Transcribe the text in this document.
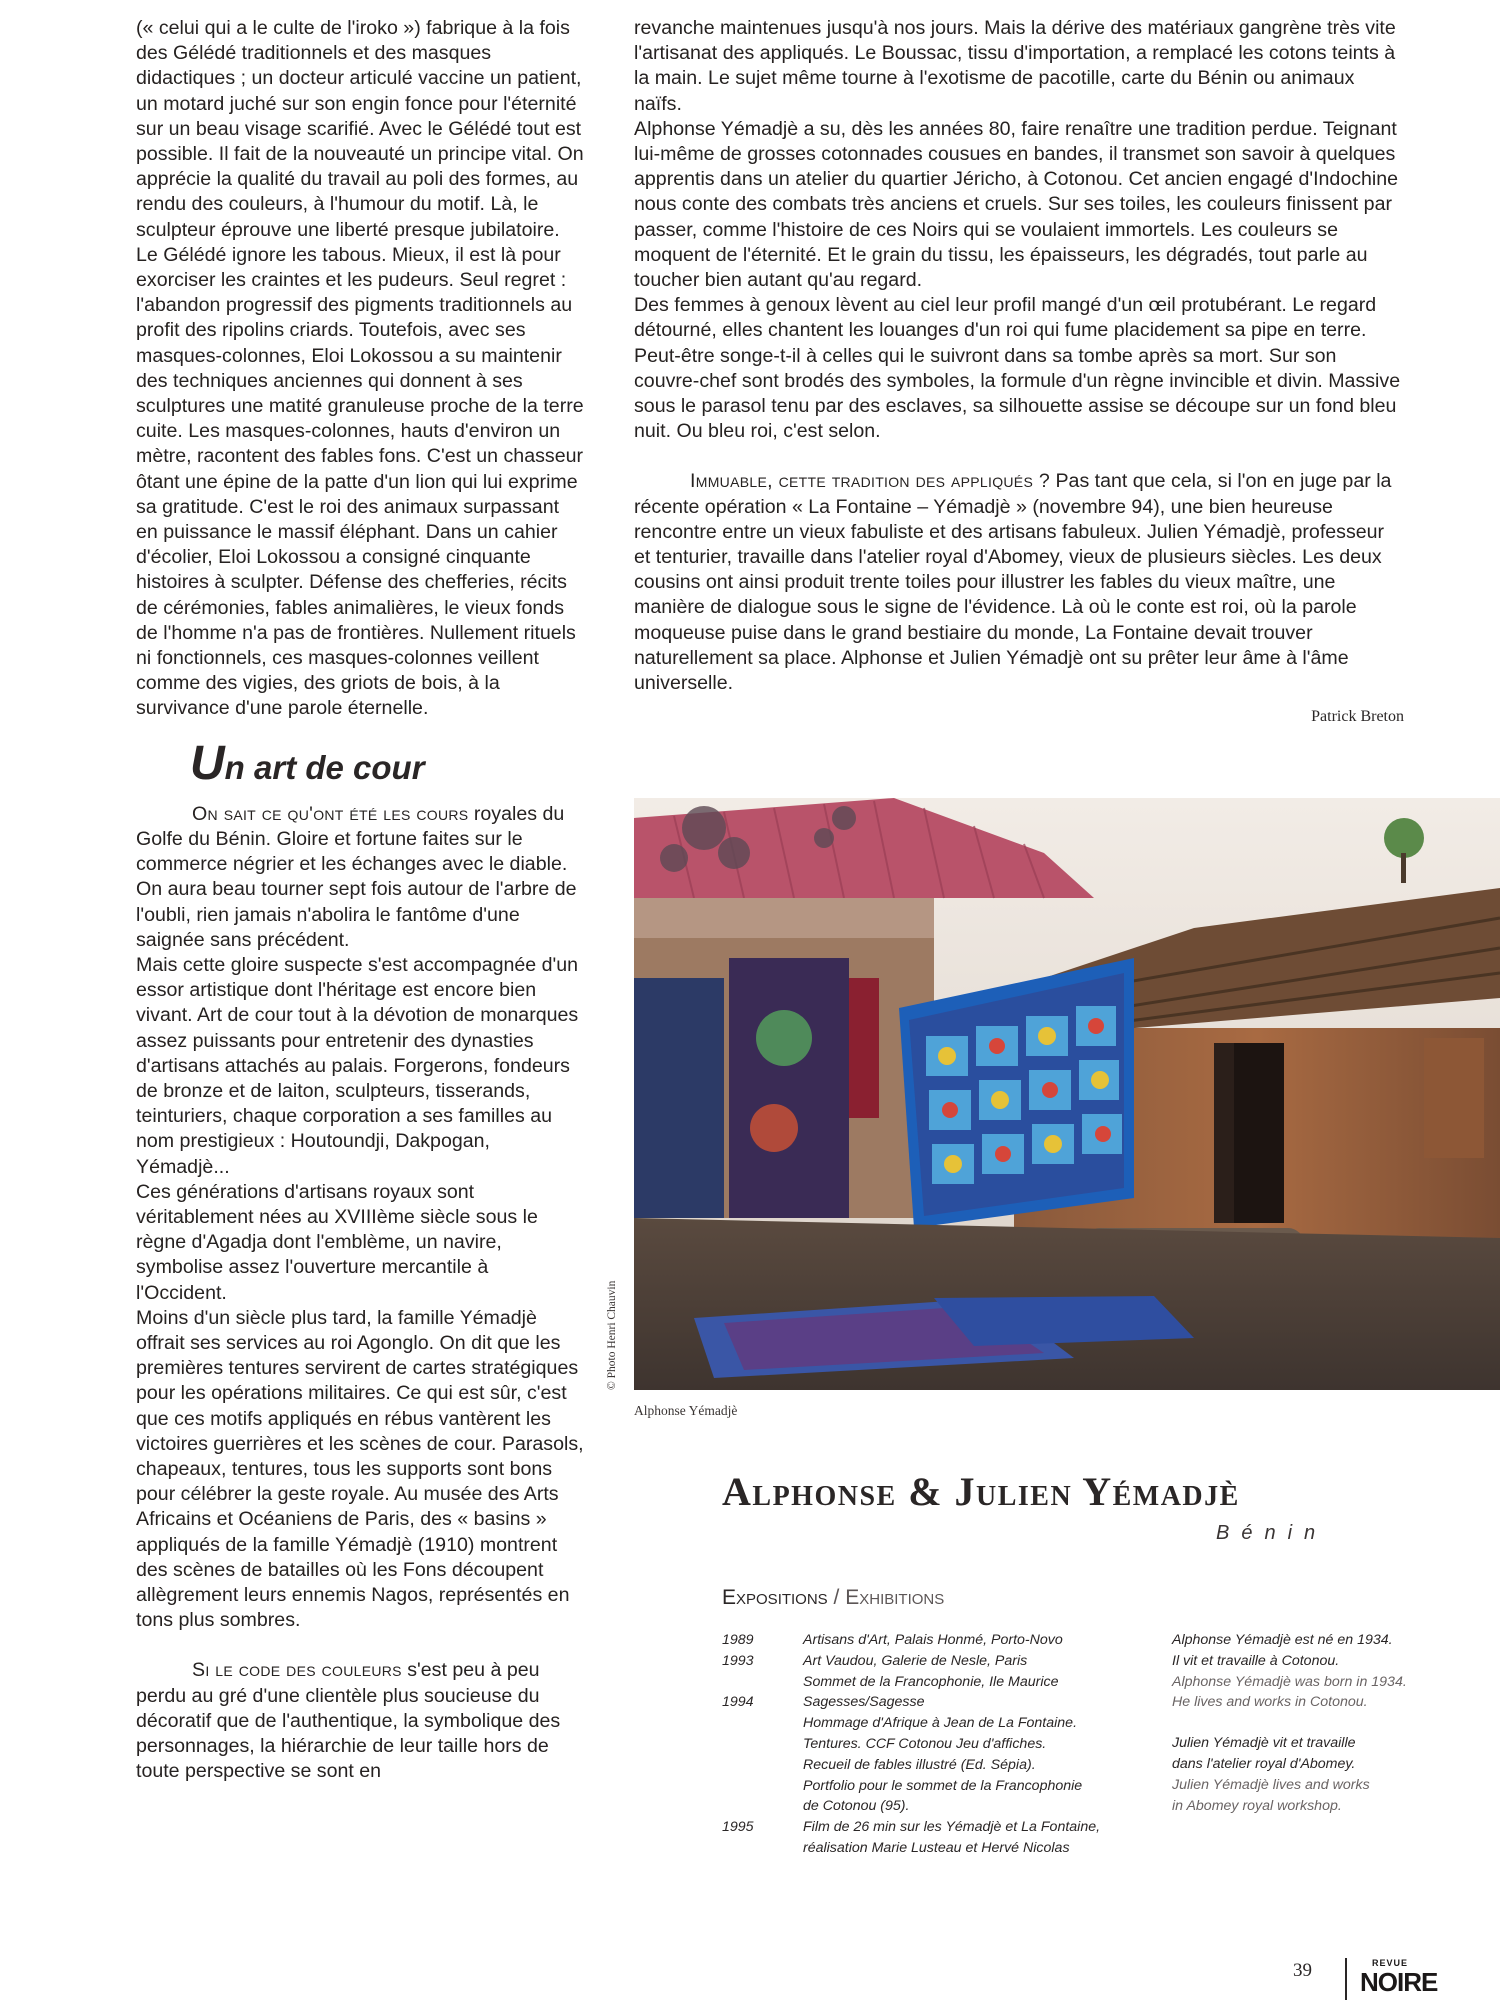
(« celui qui a le culte de l'iroko ») fabrique à la fois des Gélédé traditionnels et des masques didactiques ; un docteur articulé vaccine un patient, un motard juché sur son engin fonce pour l'éternité sur un beau visage scarifié. Avec le Gélédé tout est possible. Il fait de la nouveauté un principe vital. On apprécie la qualité du travail au poli des formes, au rendu des couleurs, à l'humour du motif. Là, le sculpteur éprouve une liberté presque jubilatoire. Le Gélédé ignore les tabous. Mieux, il est là pour exorciser les craintes et les pudeurs. Seul regret : l'abandon progressif des pigments traditionnels au profit des ripolins criards. Toutefois, avec ses masques-colonnes, Eloi Lokossou a su maintenir des techniques anciennes qui donnent à ses sculptures une matité granuleuse proche de la terre cuite. Les masques-colonnes, hauts d'environ un mètre, racontent des fables fons. C'est un chasseur ôtant une épine de la patte d'un lion qui lui exprime sa gratitude. C'est le roi des animaux surpassant en puissance le massif éléphant. Dans un cahier d'écolier, Eloi Lokossou a consigné cinquante histoires à sculpter. Défense des chefferies, récits de cérémonies, fables animalières, le vieux fonds de l'homme n'a pas de frontières. Nullement rituels ni fonctionnels, ces masques-colonnes veillent comme des vigies, des griots de bois, à la survivance d'une parole éternelle.

Un art de cour

On sait ce qu'ont été les cours royales du Golfe du Bénin. Gloire et fortune faites sur le commerce négrier et les échanges avec le diable. On aura beau tourner sept fois autour de l'arbre de l'oubli, rien jamais n'abolira le fantôme d'une saignée sans précédent.

Mais cette gloire suspecte s'est accompagnée d'un essor artistique dont l'héritage est encore bien vivant. Art de cour tout à la dévotion de monarques assez puissants pour entretenir des dynasties d'artisans attachés au palais. Forgerons, fondeurs de bronze et de laiton, sculpteurs, tisserands, teinturiers, chaque corporation a ses familles au nom prestigieux : Houtoundji, Dakpogan, Yémadjè...

Ces générations d'artisans royaux sont véritablement nées au XVIIIème siècle sous le règne d'Agadja dont l'emblème, un navire, symbolise assez l'ouverture mercantile à l'Occident.

Moins d'un siècle plus tard, la famille Yémadjè offrait ses services au roi Agonglo. On dit que les premières tentures servirent de cartes stratégiques pour les opérations militaires. Ce qui est sûr, c'est que ces motifs appliqués en rébus vantèrent les victoires guerrières et les scènes de cour. Parasols, chapeaux, tentures, tous les supports sont bons pour célébrer la geste royale. Au musée des Arts Africains et Océaniens de Paris, des « basins » appliqués de la famille Yémadjè (1910) montrent des scènes de batailles où les Fons découpent allègrement leurs ennemis Nagos, représentés en tons plus sombres.

Si le code des couleurs s'est peu à peu perdu au gré d'une clientèle plus soucieuse du décoratif que de l'authentique, la symbolique des personnages, la hiérarchie de leur taille hors de toute perspective se sont en

revanche maintenues jusqu'à nos jours. Mais la dérive des matériaux gangrène très vite l'artisanat des appliqués. Le Boussac, tissu d'importation, a remplacé les cotons teints à la main. Le sujet même tourne à l'exotisme de pacotille, carte du Bénin ou animaux naïfs.

Alphonse Yémadjè a su, dès les années 80, faire renaître une tradition perdue. Teignant lui-même de grosses cotonnades cousues en bandes, il transmet son savoir à quelques apprentis dans un atelier du quartier Jéricho, à Cotonou. Cet ancien engagé d'Indochine nous conte des combats très anciens et cruels. Sur ses toiles, les couleurs finissent par passer, comme l'histoire de ces Noirs qui se voulaient immortels. Les couleurs se moquent de l'éternité. Et le grain du tissu, les épaisseurs, les dégradés, tout parle au toucher bien autant qu'au regard.

Des femmes à genoux lèvent au ciel leur profil mangé d'un œil protubérant. Le regard détourné, elles chantent les louanges d'un roi qui fume placidement sa pipe en terre. Peut-être songe-t-il à celles qui le suivront dans sa tombe après sa mort. Sur son couvre-chef sont brodés des symboles, la formule d'un règne invincible et divin. Massive sous le parasol tenu par des esclaves, sa silhouette assise se découpe sur un fond bleu nuit. Ou bleu roi, c'est selon.

Immuable, cette tradition des appliqués ? Pas tant que cela, si l'on en juge par la récente opération « La Fontaine – Yémadjè » (novembre 94), une bien heureuse rencontre entre un vieux fabuliste et des artisans fabuleux. Julien Yémadjè, professeur et tenturier, travaille dans l'atelier royal d'Abomey, vieux de plusieurs siècles. Les deux cousins ont ainsi produit trente toiles pour illustrer les fables du vieux maître, une manière de dialogue sous le signe de l'évidence. Là où le conte est roi, où la parole moqueuse puise dans le grand bestiaire du monde, La Fontaine devait trouver naturellement sa place. Alphonse et Julien Yémadjè ont su prêter leur âme à l'âme universelle.

Patrick Breton
© Photo Henri Chauvin
Alphonse Yémadjè
Alphonse & Julien Yémadjè
Bénin
Expositions / Exhibitions
1989	Artisans d'Art, Palais Honmé, Porto-Novo
1993	Art Vaudou, Galerie de Nesle, Paris
Sommet de la Francophonie, Ile Maurice
1994	Sagesses/Sagesse
Hommage d'Afrique à Jean de La Fontaine.
Tentures. CCF Cotonou Jeu d'affiches.
Recueil de fables illustré (Ed. Sépia).
Portfolio pour le sommet de la Francophonie
de Cotonou (95).
1995	Film de 26 min sur les Yémadjè et La Fontaine,
réalisation Marie Lusteau et Hervé Nicolas
Alphonse Yémadjè est né en 1934.
Il vit et travaille à Cotonou.
Alphonse Yémadjè was born in 1934.
He lives and works in Cotonou.
Julien Yémadjè vit et travaille
dans l'atelier royal d'Abomey.
Julien Yémadjè lives and works
in Abomey royal workshop.
39	REVUE
NOIRE
